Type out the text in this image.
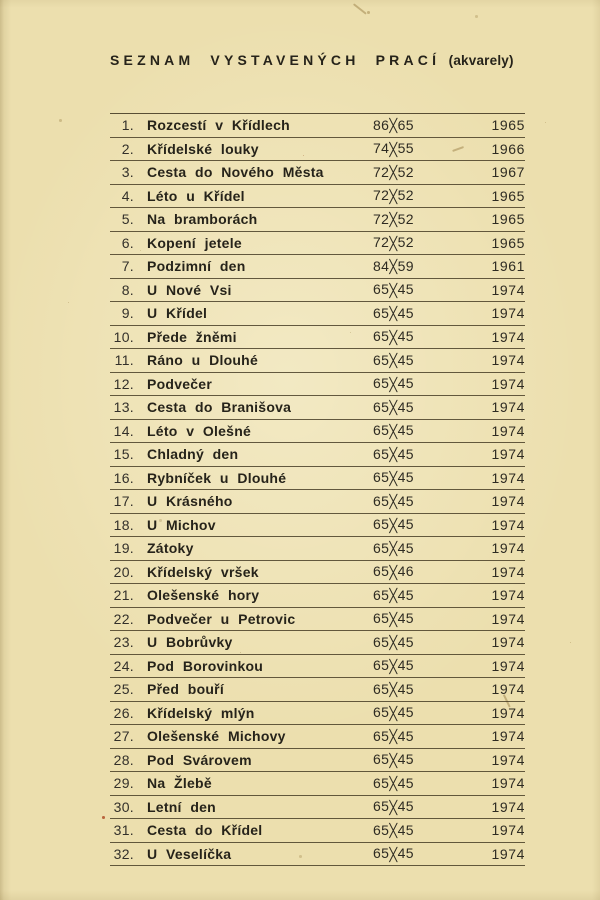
SEZNAM VYSTAVENÝCH PRACÍ (akvarely)
1. Rozcestí v Křídlech	86╳65	1965
2. Křídelské louky	74╳55	1966
3. Cesta do Nového Města	72╳52	1967
4. Léto u Křídel	72╳52	1965
5. Na bramborách	72╳52	1965
6. Kopení jetele	72╳52	1965
7. Podzimní den	84╳59	1961
8. U Nové Vsi	65╳45	1974
9. U Křídel	65╳45	1974
10. Přede žněmi	65╳45	1974
11. Ráno u Dlouhé	65╳45	1974
12. Podvečer	65╳45	1974
13. Cesta do Branišova	65╳45	1974
14. Léto v Olešné	65╳45	1974
15. Chladný den	65╳45	1974
16. Rybníček u Dlouhé	65╳45	1974
17. U Krásného	65╳45	1974
18. U Michov	65╳45	1974
19. Zátoky	65╳45	1974
20. Křídelský vršek	65╳46	1974
21. Olešenské hory	65╳45	1974
22. Podvečer u Petrovic	65╳45	1974
23. U Bobrůvky	65╳45	1974
24. Pod Borovinkou	65╳45	1974
25. Před bouří	65╳45	1974
26. Křídelský mlýn	65╳45	1974
27. Olešenské Michovy	65╳45	1974
28. Pod Svárovem	65╳45	1974
29. Na Žlebě	65╳45	1974
30. Letní den	65╳45	1974
31. Cesta do Křídel	65╳45	1974
32. U Veselíčka	65╳45	1974
